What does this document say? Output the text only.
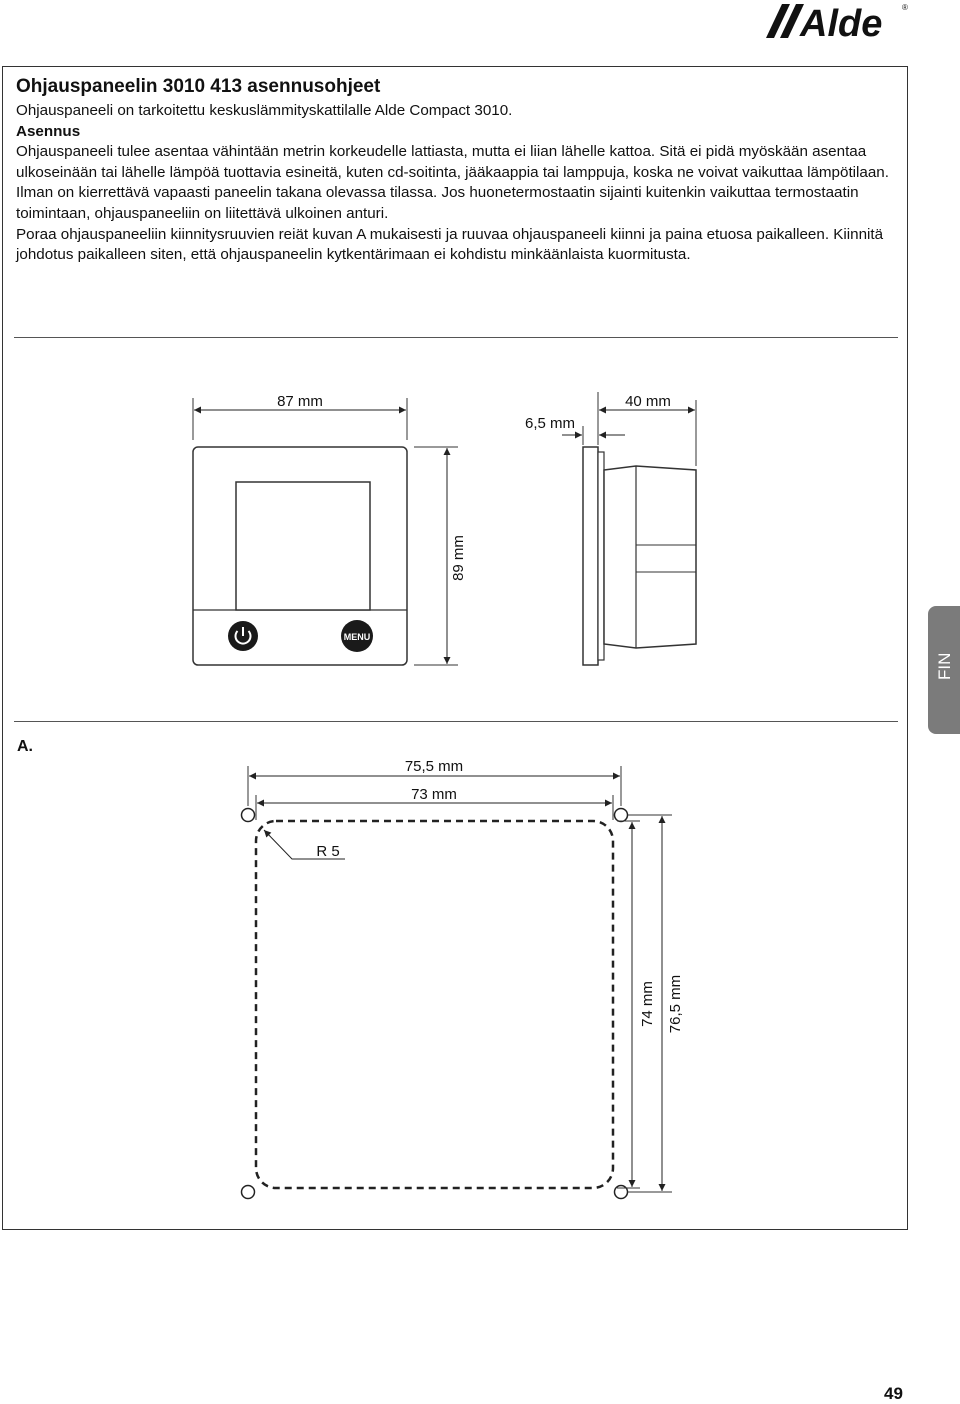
Alde ®
Ohjauspaneelin 3010 413 asennusohjeet

Ohjauspaneeli on tarkoitettu keskuslämmityskattilalle Alde Compact 3010.

Asennus

Ohjauspaneeli tulee asentaa vähintään metrin korkeudelle lattiasta, mutta ei liian lähelle kattoa. Sitä ei pidä myöskään asentaa ulkoseinään tai lähelle lämpöä tuottavia esineitä, kuten cd-soitinta, jääkaappia tai lamppuja, koska ne voivat vaikuttaa lämpötilaan. Ilman on kierrettävä vapaasti paneelin takana olevassa tilassa. Jos huonetermostaatin sijainti kuitenkin vaikuttaa termostaatin toimintaan, ohjauspaneeliin on liitettävä ulkoinen anturi.

Poraa ohjauspaneeliin kiinnitysruuvien reiät kuvan A mukaisesti ja ruuvaa ohjauspaneeli kiinni ja paina etuosa paikalleen. Kiinnitä johdotus paikalleen siten, että ohjauspaneelin kytkentärimaan ei kohdistu minkäänlaista kuormitusta.

MENU
87 mm
89 mm
40 mm
6,5 mm
75,5 mm
73 mm
R 5
74 mm 76,5 mm
A.
FIN
49
